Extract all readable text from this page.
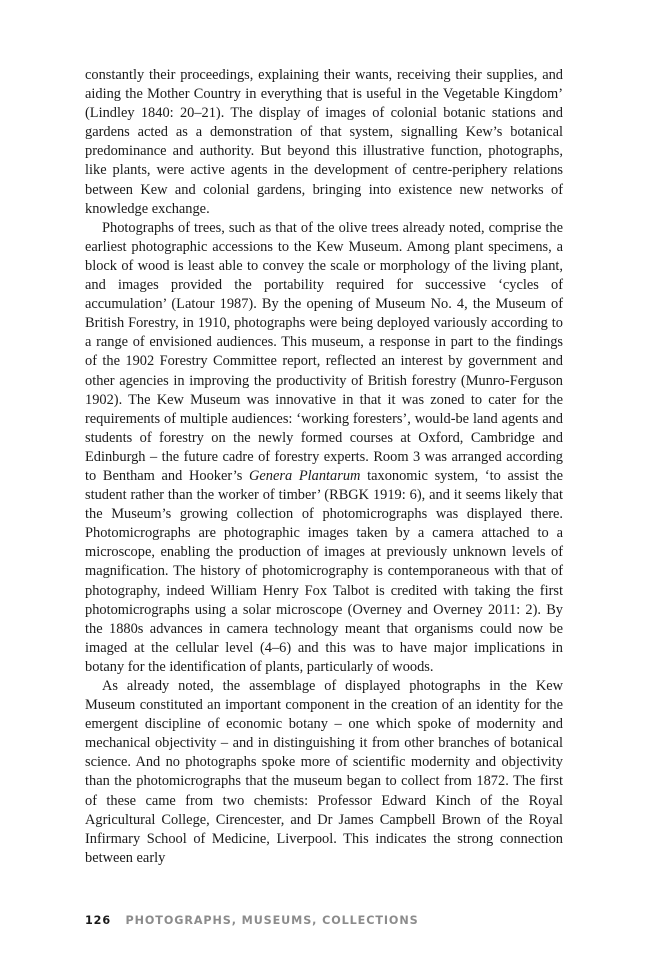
constantly their proceedings, explaining their wants, receiving their supplies, and aiding the Mother Country in everything that is useful in the Vegetable Kingdom’ (Lindley 1840: 20–21). The display of images of colonial botanic stations and gardens acted as a demonstration of that system, signalling Kew’s botanical predominance and authority. But beyond this illustrative function, photographs, like plants, were active agents in the development of centre-periphery relations between Kew and colonial gardens, bringing into existence new networks of knowledge exchange.

Photographs of trees, such as that of the olive trees already noted, comprise the earliest photographic accessions to the Kew Museum. Among plant specimens, a block of wood is least able to convey the scale or morphology of the living plant, and images provided the portability required for successive ‘cycles of accumulation’ (Latour 1987). By the opening of Museum No. 4, the Museum of British Forestry, in 1910, photographs were being deployed variously according to a range of envisioned audiences. This museum, a response in part to the findings of the 1902 Forestry Committee report, reflected an interest by government and other agencies in improving the productivity of British forestry (Munro-Ferguson 1902). The Kew Museum was innovative in that it was zoned to cater for the requirements of multiple audiences: ‘working foresters’, would-be land agents and students of forestry on the newly formed courses at Oxford, Cambridge and Edinburgh – the future cadre of forestry experts. Room 3 was arranged according to Bentham and Hooker’s Genera Plantarum taxonomic system, ‘to assist the student rather than the worker of timber’ (RBGK 1919: 6), and it seems likely that the Museum’s growing collection of photomicrographs was displayed there. Photomicrographs are photographic images taken by a camera attached to a microscope, enabling the production of images at previously unknown levels of magnification. The history of photomicrography is contemporaneous with that of photography, indeed William Henry Fox Talbot is credited with taking the first photomicrographs using a solar microscope (Overney and Overney 2011: 2). By the 1880s advances in camera technology meant that organisms could now be imaged at the cellular level (4–6) and this was to have major implications in botany for the identification of plants, particularly of woods.

As already noted, the assemblage of displayed photographs in the Kew Museum constituted an important component in the creation of an identity for the emergent discipline of economic botany – one which spoke of modernity and mechanical objectivity – and in distinguishing it from other branches of botanical science. And no photographs spoke more of scientific modernity and objectivity than the photomicrographs that the museum began to collect from 1872. The first of these came from two chemists: Professor Edward Kinch of the Royal Agricultural College, Cirencester, and Dr James Campbell Brown of the Royal Infirmary School of Medicine, Liverpool. This indicates the strong connection between early

126 PHOTOGRAPHS, MUSEUMS, COLLECTIONS
